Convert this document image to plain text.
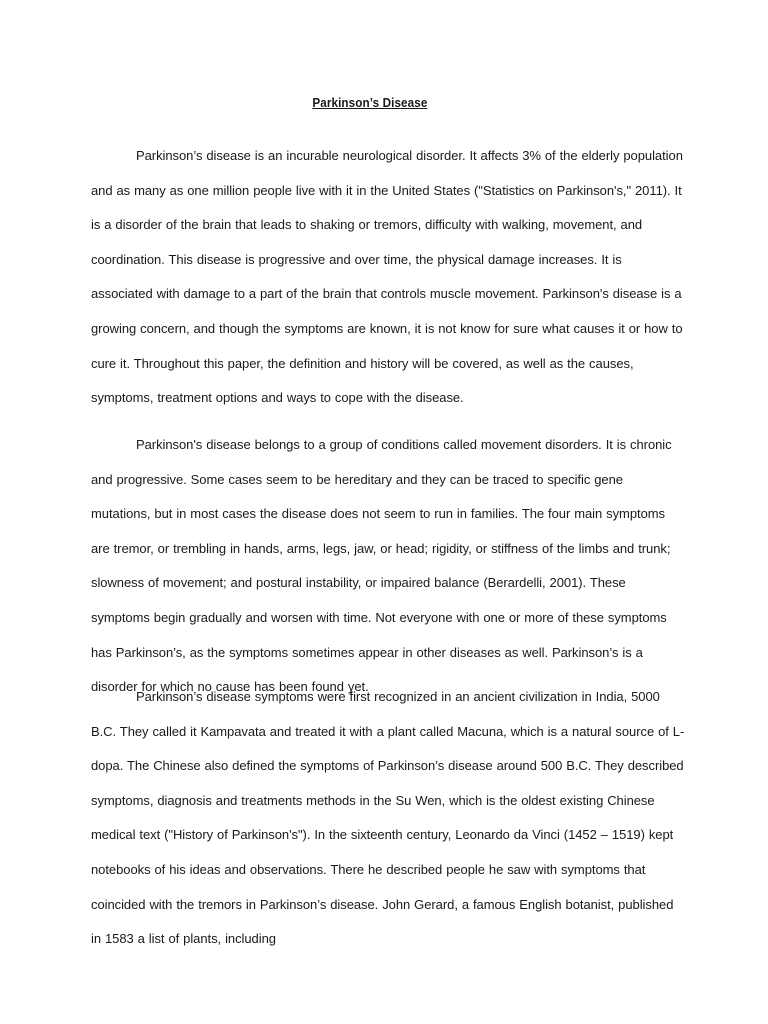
Parkinson’s Disease

Parkinson’s disease is an incurable neurological disorder. It affects 3% of the elderly population and as many as one million people live with it in the United States ("Statistics on Parkinson's," 2011). It is a disorder of the brain that leads to shaking or tremors, difficulty with walking, movement, and coordination. This disease is progressive and over time, the physical damage increases. It is associated with damage to a part of the brain that controls muscle movement. Parkinson's disease is a growing concern, and though the symptoms are known, it is not know for sure what causes it or how to cure it. Throughout this paper, the definition and history will be covered, as well as the causes, symptoms, treatment options and ways to cope with the disease.

Parkinson's disease belongs to a group of conditions called movement disorders. It is chronic and progressive. Some cases seem to be hereditary and they can be traced to specific gene mutations, but in most cases the disease does not seem to run in families. The four main symptoms are tremor, or trembling in hands, arms, legs, jaw, or head; rigidity, or stiffness of the limbs and trunk; slowness of movement; and postural instability, or impaired balance (Berardelli, 2001). These symptoms begin gradually and worsen with time. Not everyone with one or more of these symptoms has Parkinson’s, as the symptoms sometimes appear in other diseases as well. Parkinson’s is a disorder for which no cause has been found yet.

Parkinson’s disease symptoms were first recognized in an ancient civilization in India, 5000 B.C. They called it Kampavata and treated it with a plant called Macuna, which is a natural source of L-dopa. The Chinese also defined the symptoms of Parkinson’s disease around 500 B.C. They described symptoms, diagnosis and treatments methods in the Su Wen, which is the oldest existing Chinese medical text ("History of Parkinson's"). In the sixteenth century, Leonardo da Vinci (1452 – 1519) kept notebooks of his ideas and observations. There he described people he saw with symptoms that coincided with the tremors in Parkinson’s disease. John Gerard, a famous English botanist, published in 1583 a list of plants, including
